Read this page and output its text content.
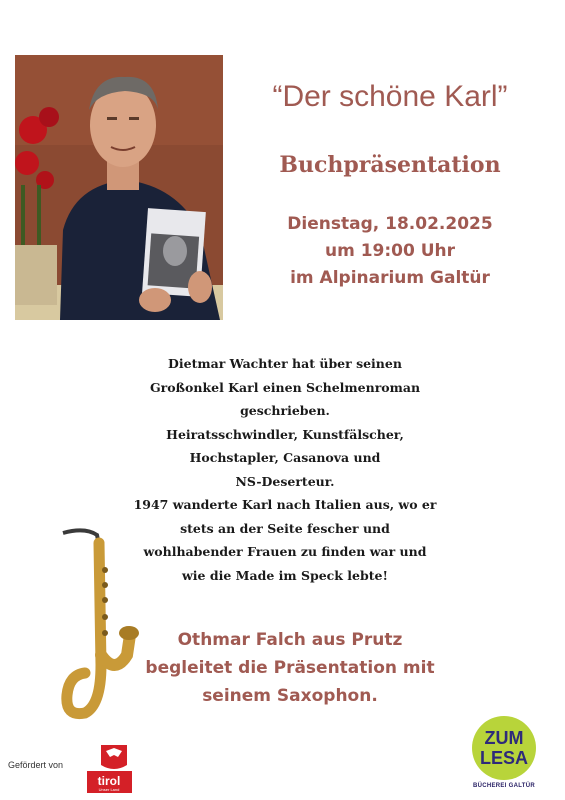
“Der schöne Karl”
Buchpräsentation
Dienstag, 18.02.2025
um 19:00 Uhr
im Alpinarium Galtür
Dietmar Wachter hat über seinen
Großonkel Karl einen Schelmenroman
geschrieben.
Heiratsschwindler, Kunstfälscher,
Hochstapler, Casanova und
NS-Deserteur.
1947 wanderte Karl nach Italien aus, wo er
stets an der Seite fescher und
wohlhabender Frauen zu finden war und
wie die Made im Speck lebte!
Othmar Falch aus Prutz
begleitet die Präsentation mit
seinem Saxophon.
Gefördert von
tirol
Unser Land
ZUM
LESA
BÜCHEREI GALTÜR
